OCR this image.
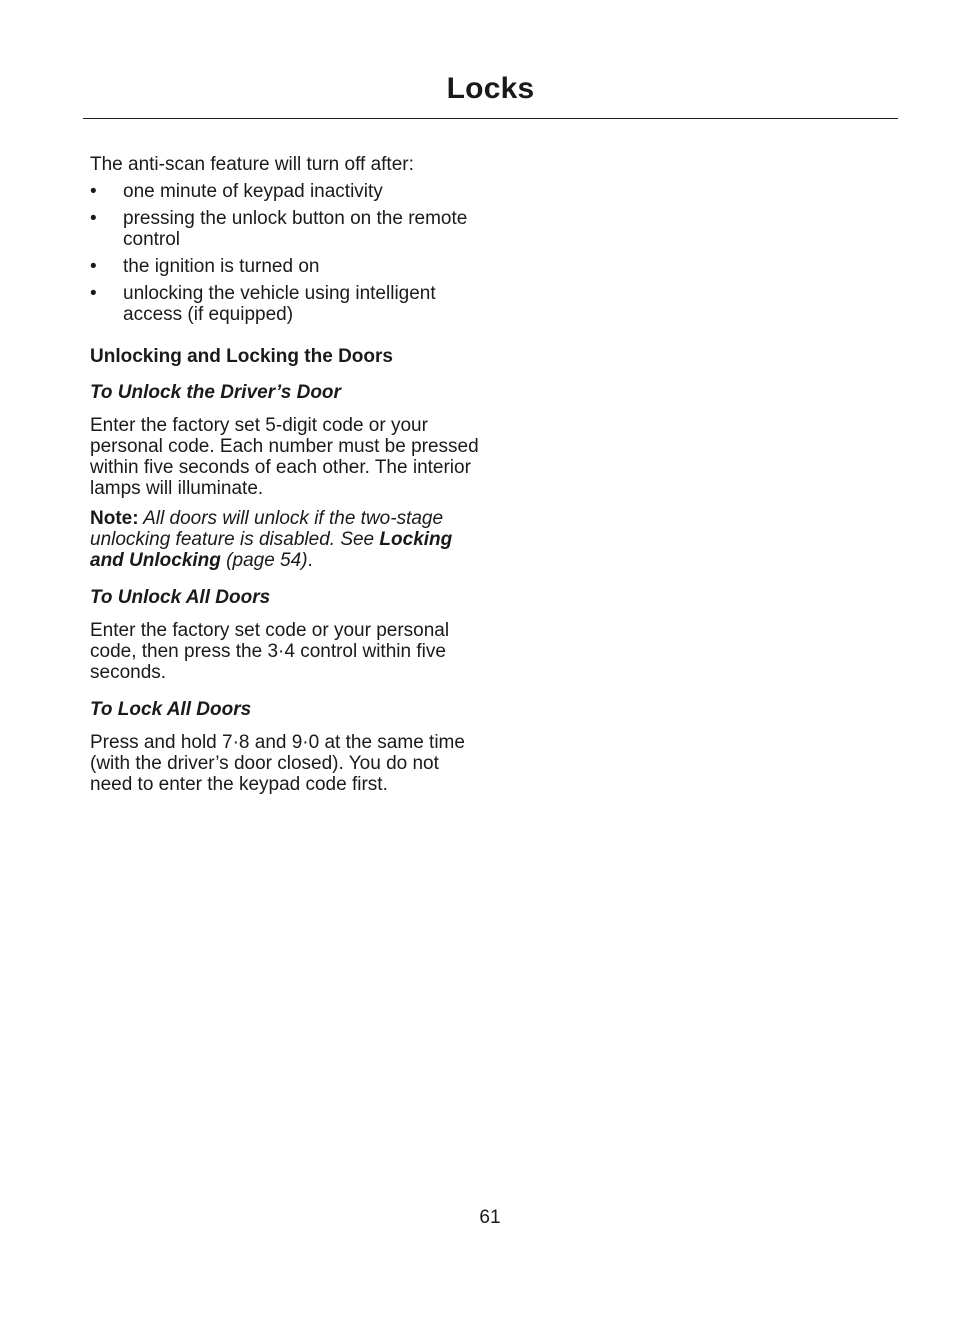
Locks

The anti-scan feature will turn off after:

• one minute of keypad inactivity
• pressing the unlock button on the remote control
• the ignition is turned on
• unlocking the vehicle using intelligent access (if equipped)

Unlocking and Locking the Doors

To Unlock the Driver’s Door

Enter the factory set 5-digit code or your personal code. Each number must be pressed within five seconds of each other. The interior lamps will illuminate.

Note: All doors will unlock if the two-stage unlocking feature is disabled. See Locking and Unlocking (page 54).

To Unlock All Doors

Enter the factory set code or your personal code, then press the 3·4 control within five seconds.

To Lock All Doors

Press and hold 7·8 and 9·0 at the same time (with the driver’s door closed). You do not need to enter the keypad code first.

61
